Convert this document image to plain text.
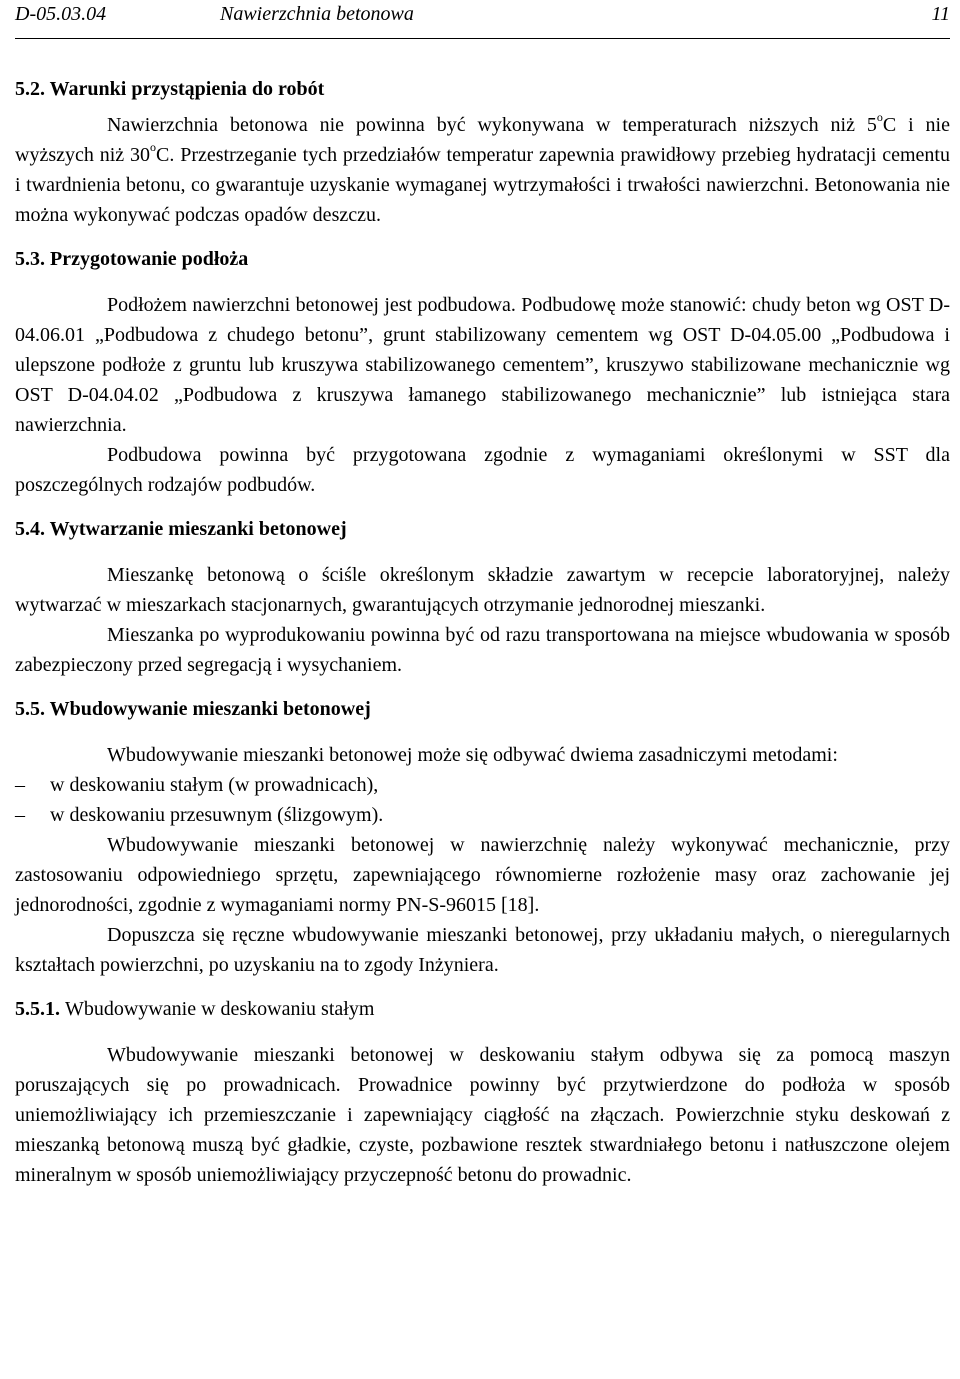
D-05.03.04	Nawierzchnia betonowa	11
5.2. Warunki przystąpienia do robót

Nawierzchnia betonowa nie powinna być wykonywana w temperaturach niższych niż 5$^o$C i nie wyższych niż 30$^o$C. Przestrzeganie tych przedziałów temperatur zapewnia prawidłowy przebieg hydratacji cementu i twardnienia betonu, co gwarantuje uzyskanie wymaganej wytrzymałości i trwałości nawierzchni. Betonowania nie można wykonywać podczas opadów deszczu.

5.3. Przygotowanie podłoża

Podłożem nawierzchni betonowej jest podbudowa. Podbudowę może stanowić: chudy beton wg OST D-04.06.01 „Podbudowa z chudego betonu”, grunt stabilizowany cementem wg OST D-04.05.00 „Podbudowa i ulepszone podłoże z gruntu lub kruszywa stabilizowanego cementem”, kruszywo stabilizowane mechanicznie wg OST D-04.04.02 „Podbudowa z kruszywa łamanego stabilizowanego mechanicznie” lub istniejąca stara nawierzchnia.

Podbudowa powinna być przygotowana zgodnie z wymaganiami określonymi w SST dla poszczególnych rodzajów podbudów.

5.4. Wytwarzanie mieszanki betonowej

Mieszankę betonową o ściśle określonym składzie zawartym w recepcie laboratoryjnej, należy wytwarzać w mieszarkach stacjonarnych, gwarantujących otrzymanie jednorodnej mieszanki.

Mieszanka po wyprodukowaniu powinna być od razu transportowana na miejsce wbudowania w sposób zabezpieczony przed segregacją i wysychaniem.

5.5. Wbudowywanie mieszanki betonowej

Wbudowywanie mieszanki betonowej może się odbywać dwiema zasadniczymi metodami:

– w deskowaniu stałym (w prowadnicach),
– w deskowaniu przesuwnym (ślizgowym).

Wbudowywanie mieszanki betonowej w nawierzchnię należy wykonywać mechanicznie, przy zastosowaniu odpowiedniego sprzętu, zapewniającego równomierne rozłożenie masy oraz zachowanie jej jednorodności, zgodnie z wymaganiami normy PN-S-96015 [18].

Dopuszcza się ręczne wbudowywanie mieszanki betonowej, przy układaniu małych, o nieregularnych kształtach powierzchni, po uzyskaniu na to zgody Inżyniera.

5.5.1. Wbudowywanie w deskowaniu stałym

Wbudowywanie mieszanki betonowej w deskowaniu stałym odbywa się za pomocą maszyn poruszających się po prowadnicach. Prowadnice powinny być przytwierdzone do podłoża w sposób uniemożliwiający ich przemieszczanie i zapewniający ciągłość na złączach. Powierzchnie styku deskowań z mieszanką betonową muszą być gładkie, czyste, pozbawione resztek stwardniałego betonu i natłuszczone olejem mineralnym w sposób uniemożliwiający przyczepność betonu do prowadnic.
